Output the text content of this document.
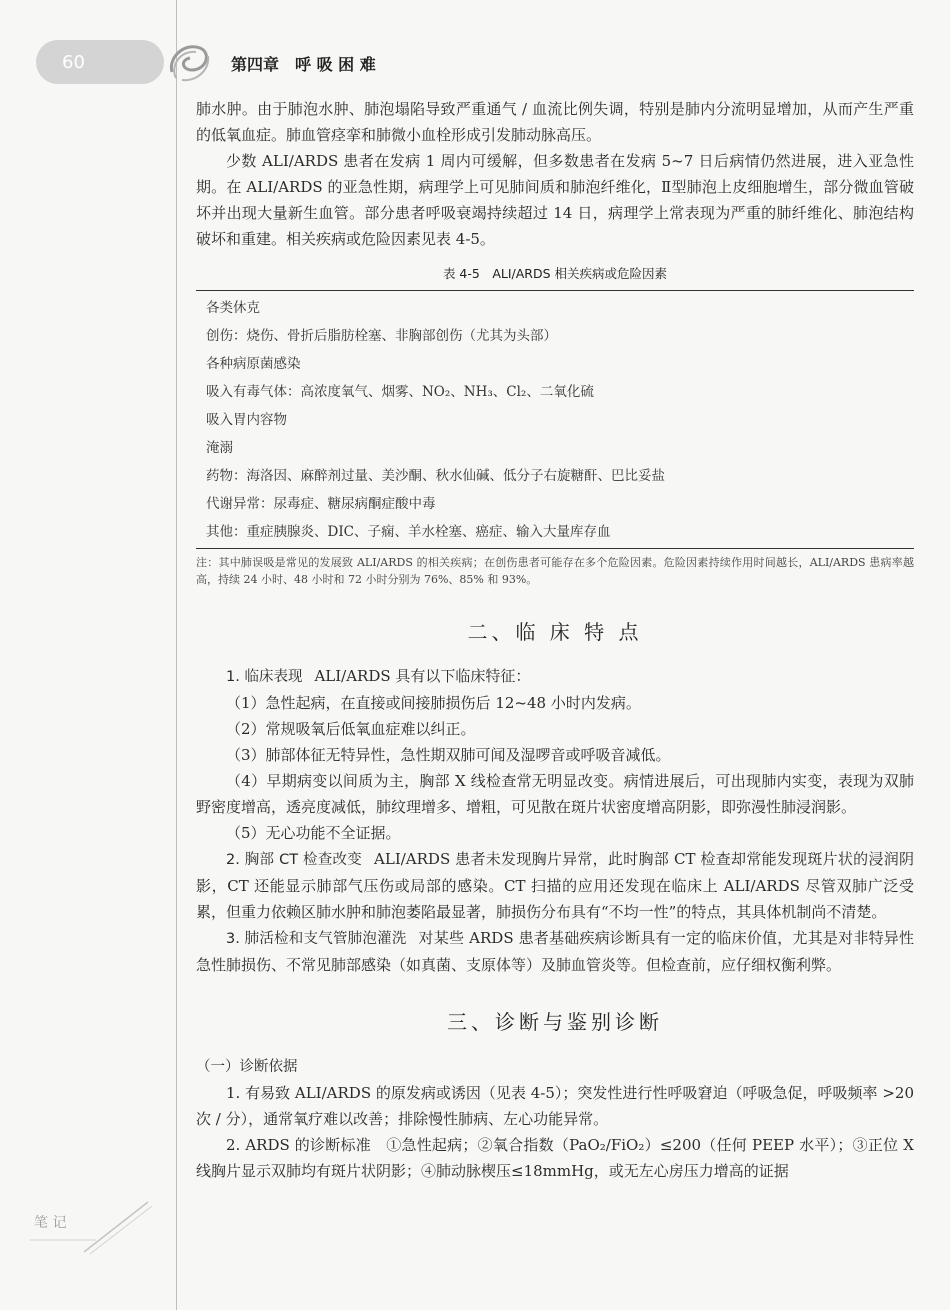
60	第四章　呼 吸 困 难

肺水肿。由于肺泡水肿、肺泡塌陷导致严重通气 / 血流比例失调，特别是肺内分流明显增加，从而产生严重的低氧血症。肺血管痉挛和肺微小血栓形成引发肺动脉高压。

少数 ALI/ARDS 患者在发病 1 周内可缓解，但多数患者在发病 5~7 日后病情仍然进展，进入亚急性期。在 ALI/ARDS 的亚急性期，病理学上可见肺间质和肺泡纤维化，Ⅱ型肺泡上皮细胞增生，部分微血管破坏并出现大量新生血管。部分患者呼吸衰竭持续超过 14 日，病理学上常表现为严重的肺纤维化、肺泡结构破坏和重建。相关疾病或危险因素见表 4-5。

表 4-5　ALI/ARDS 相关疾病或危险因素
各类休克
创伤：烧伤、骨折后脂肪栓塞、非胸部创伤（尤其为头部）
各种病原菌感染
吸入有毒气体：高浓度氧气、烟雾、NO₂、NH₃、Cl₂、二氧化硫
吸入胃内容物
淹溺
药物：海洛因、麻醉剂过量、美沙酮、秋水仙碱、低分子右旋糖酐、巴比妥盐
代谢异常：尿毒症、糖尿病酮症酸中毒
其他：重症胰腺炎、DIC、子痫、羊水栓塞、癌症、输入大量库存血
注：其中肺误吸是常见的发展致 ALI/ARDS 的相关疾病；在创伤患者可能存在多个危险因素。危险因素持续作用时间越长，ALI/ARDS 患病率越高，持续 24 小时、48 小时和 72 小时分别为 76%、85% 和 93%。
二、临 床 特 点

1. 临床表现 ALI/ARDS 具有以下临床特征：

（1）急性起病，在直接或间接肺损伤后 12~48 小时内发病。

（2）常规吸氧后低氧血症难以纠正。

（3）肺部体征无特异性，急性期双肺可闻及湿啰音或呼吸音减低。

（4）早期病变以间质为主，胸部 X 线检查常无明显改变。病情进展后，可出现肺内实变，表现为双肺野密度增高，透亮度减低，肺纹理增多、增粗，可见散在斑片状密度增高阴影，即弥漫性肺浸润影。

（5）无心功能不全证据。

2. 胸部 CT 检查改变 ALI/ARDS 患者未发现胸片异常，此时胸部 CT 检查却常能发现斑片状的浸润阴影，CT 还能显示肺部气压伤或局部的感染。CT 扫描的应用还发现在临床上 ALI/ARDS 尽管双肺广泛受累，但重力依赖区肺水肿和肺泡萎陷最显著，肺损伤分布具有“不均一性”的特点，其具体机制尚不清楚。

3. 肺活检和支气管肺泡灌洗 对某些 ARDS 患者基础疾病诊断具有一定的临床价值，尤其是对非特异性急性肺损伤、不常见肺部感染（如真菌、支原体等）及肺血管炎等。但检查前，应仔细权衡利弊。

三、诊断与鉴别诊断

（一）诊断依据

1. 有易致 ALI/ARDS 的原发病或诱因（见表 4-5）；突发性进行性呼吸窘迫（呼吸急促，呼吸频率 >20 次 / 分），通常氧疗难以改善；排除慢性肺病、左心功能异常。

2. ARDS 的诊断标准　①急性起病；②氧合指数（PaO₂/FiO₂）≤200（任何 PEEP 水平）；③正位 X 线胸片显示双肺均有斑片状阴影；④肺动脉楔压≤18mmHg，或无左心房压力增高的证据

笔 记
